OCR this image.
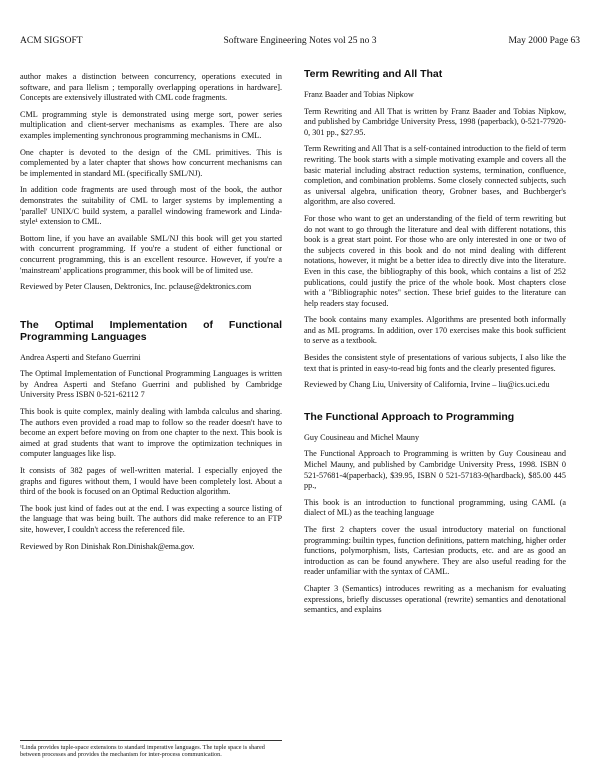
ACM SIGSOFT	Software Engineering Notes vol 25 no 3	May 2000 Page 63

author makes a distinction between concurrency, operations executed in software, and para llelism ; temporally overlapping operations in hardware]. Concepts are extensively illustrated with CML code fragments.

CML programming style is demonstrated using merge sort, power series multiplication and client-server mechanisms as examples. There are also examples implementing synchronous programming mechanisms in CML.

One chapter is devoted to the design of the CML primitives. This is complemented by a later chapter that shows how concurrent mechanisms can be implemented in standard ML (specifically SML/NJ).

In addition code fragments are used through most of the book, the author demonstrates the suitability of CML to larger systems by implementing a 'parallel' UNIX/C build system, a parallel windowing framework and Linda-style¹ extension to CML.

Bottom line, if you have an available SML/NJ this book will get you started with concurrent programming. If you're a student of either functional or concurrent programming, this is an excellent resource. However, if you're a 'mainstream' applications programmer, this book will be of limited use.

Reviewed by Peter Clausen, Dektronics, Inc. pclause@dektronics.com

The Optimal Implementation of Functional Programming Languages

Andrea Asperti and Stefano Guerrini

The Optimal Implementation of Functional Programming Languages is written by Andrea Asperti and Stefano Guerrini and published by Cambridge University Press ISBN 0-521-62112 7

This book is quite complex, mainly dealing with lambda calculus and sharing. The authors even provided a road map to follow so the reader doesn't have to become an expert before moving on from one chapter to the next. This book is aimed at grad students that want to improve the optimization techniques in computer languages like lisp.

It consists of 382 pages of well-written material. I especially enjoyed the graphs and figures without them, I would have been completely lost. About a third of the book is focused on an Optimal Reduction algorithm.

The book just kind of fades out at the end. I was expecting a source listing of the language that was being built. The authors did make reference to an FTP site, however, I couldn't access the referenced file.

Reviewed by Ron Dinishak Ron.Dinishak@ema.gov.

¹Linda provides tuple-space extensions to standard imperative languages. The tuple space is shared between processes and provides the mechanism for inter-process communication.
Term Rewriting and All That

Franz Baader and Tobias Nipkow

Term Rewriting and All That is written by Franz Baader and Tobias Nipkow, and published by Cambridge University Press, 1998 (paperback), 0-521-77920-0, 301 pp., $27.95.

Term Rewriting and All That is a self-contained introduction to the field of term rewriting. The book starts with a simple motivating example and covers all the basic material including abstract reduction systems, termination, confluence, completion, and combination problems. Some closely connected subjects, such as universal algebra, unification theory, Grobner bases, and Buchberger's algorithm, are also covered.

For those who want to get an understanding of the field of term rewriting but do not want to go through the literature and deal with different notations, this book is a great start point. For those who are only interested in one or two of the subjects covered in this book and do not mind dealing with different notations, however, it might be a better idea to directly dive into the literature. Even in this case, the bibliography of this book, which contains a list of 252 publications, could justify the price of the whole book. Most chapters close with a "Bibliographic notes" section. These brief guides to the literature can help readers stay focused.

The book contains many examples. Algorithms are presented both informally and as ML programs. In addition, over 170 exercises make this book sufficient to serve as a textbook.

Besides the consistent style of presentations of various subjects, I also like the text that is printed in easy-to-read big fonts and the clearly presented figures.

Reviewed by Chang Liu, University of California, Irvine – liu@ics.uci.edu

The Functional Approach to Programming

Guy Cousineau and Michel Mauny

The Functional Approach to Programming is written by Guy Cousineau and Michel Mauny, and published by Cambridge University Press, 1998. ISBN 0 521-57681-4(paperback), $39.95, ISBN 0 521-57183-9(hardback), $85.00 445 pp.,

This book is an introduction to functional programming, using CAML (a dialect of ML) as the teaching language

The first 2 chapters cover the usual introductory material on functional programming: builtin types, function definitions, pattern matching, higher order functions, polymorphism, lists, Cartesian products, etc. and are as good an introduction as can be found anywhere. They are also useful reading for the reader unfamiliar with the syntax of CAML.

Chapter 3 (Semantics) introduces rewriting as a mechanism for evaluating expressions, briefly discusses operational (rewrite) semantics and denotational semantics, and explains
